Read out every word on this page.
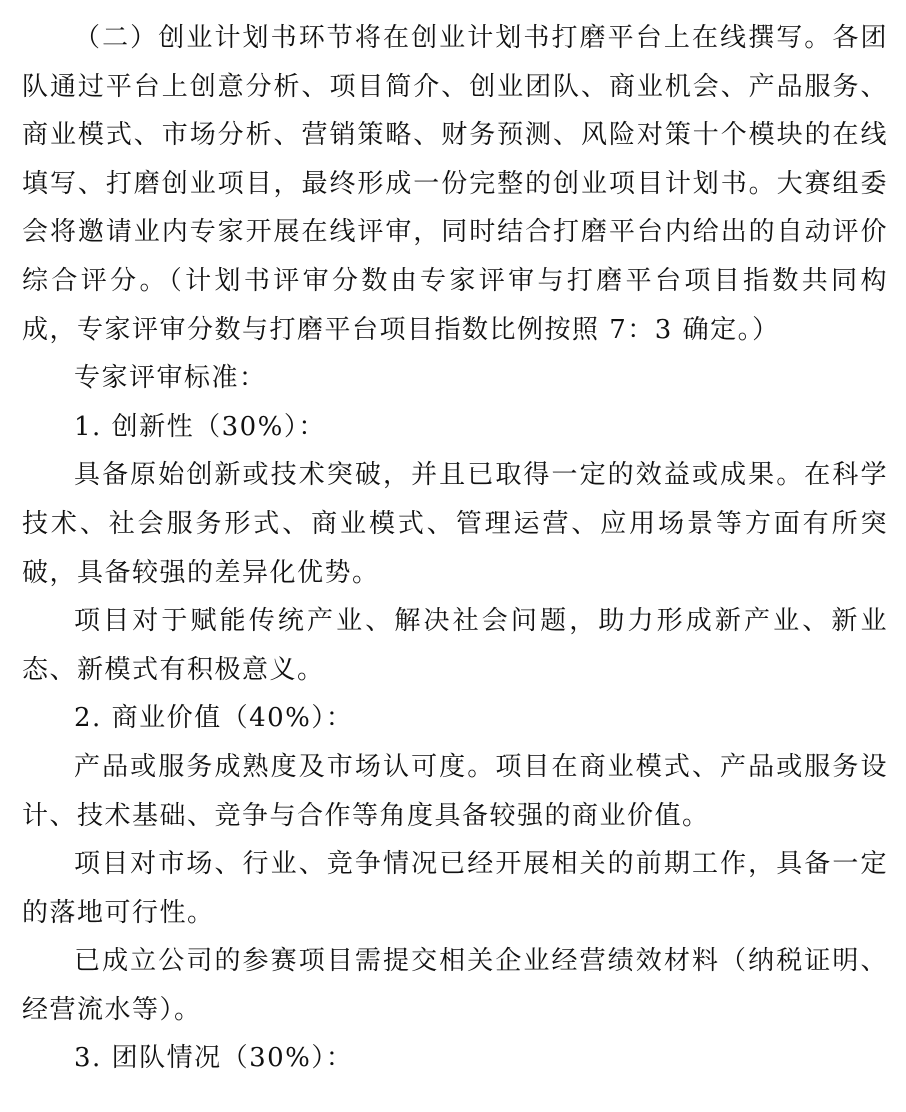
（二）创业计划书环节将在创业计划书打磨平台上在线撰写。各团队通过平台上创意分析、项目简介、创业团队、商业机会、产品服务、商业模式、市场分析、营销策略、财务预测、风险对策十个模块的在线填写、打磨创业项目，最终形成一份完整的创业项目计划书。大赛组委会将邀请业内专家开展在线评审，同时结合打磨平台内给出的自动评价综合评分。（计划书评审分数由专家评审与打磨平台项目指数共同构成，专家评审分数与打磨平台项目指数比例按照 7：3 确定。）

专家评审标准：

1. 创新性（30%）：

具备原始创新或技术突破，并且已取得一定的效益或成果。在科学技术、社会服务形式、商业模式、管理运营、应用场景等方面有所突破，具备较强的差异化优势。

项目对于赋能传统产业、解决社会问题，助力形成新产业、新业态、新模式有积极意义。

2. 商业价值（40%）：

产品或服务成熟度及市场认可度。项目在商业模式、产品或服务设计、技术基础、竞争与合作等角度具备较强的商业价值。

项目对市场、行业、竞争情况已经开展相关的前期工作，具备一定的落地可行性。

已成立公司的参赛项目需提交相关企业经营绩效材料（纳税证明、经营流水等）。

3. 团队情况（30%）：
